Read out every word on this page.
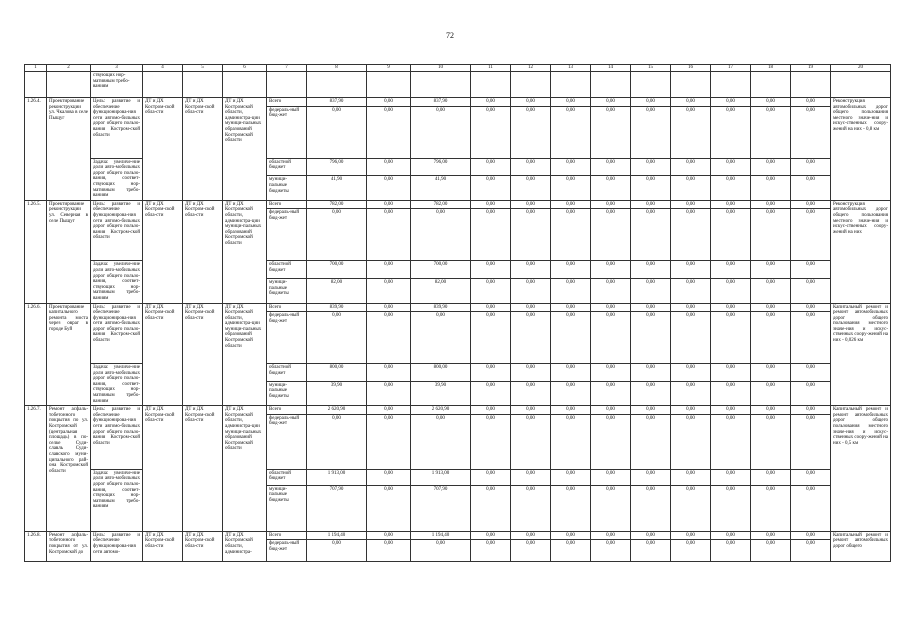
72
1	2	3	4	5	6	7	8	9	10	11	12	13	14	15	16	17	18	19	20
		ствующих нор-мативным требо-ваниям																	
1.26.4.	Проектирование реконструкции ул. Чкалова в селе Пыщуг	Цель: развитие и обеспечение функционирова-ния сети автомо-бильных дорог общего пользо-вания Костром-ской области	ДТ и ДХ Костром-ской обла-сти	ДТ и ДХ Костром-ской обла-сти	ДТ и ДХ Костромской области, администра-ции муници-пальных образований Костромской области	Всего	837,90	0,00	837,90	0,00	0,00	0,00	0,00	0,00	0,00	0,00	0,00	0,00	Реконструкция автомобильных дорог общего пользования местного значе-ния и искус-ственных соору-жений на них - 0,8 км
						федераль-ный бюд-жет	0,00	0,00	0,00	0,00	0,00	0,00	0,00	0,00	0,00	0,00	0,00	0,00	
		Задача: увеличе-ние доли авто-мобильных дорог общего пользо-вания, соответ-ствующих нор-мативным требо-ваниям				областной бюджет	796,00	0,00	796,00	0,00	0,00	0,00	0,00	0,00	0,00	0,00	0,00	0,00	
						муници-пальные бюджеты	41,90	0,00	41,90	0,00	0,00	0,00	0,00	0,00	0,00	0,00	0,00	0,00	
1.26.5.	Проектирование реконструкции ул. Северная в селе Пыщуг	Цель: развитие и обеспечение функционирова-ния сети автомо-бильных дорог общего пользо-вания Костром-ской области	ДТ и ДХ Костром-ской обла-сти	ДТ и ДХ Костром-ской обла-сти	ДТ и ДХ Костромской области, администра-ции муници-пальных образований Костромской области	Всего	782,00	0,00	782,00	0,00	0,00	0,00	0,00	0,00	0,00	0,00	0,00	0,00	Реконструкция автомобильных дорог общего пользования местного значе-ния и искус-ственных соору-жений на них
						федераль-ный бюд-жет	0,00	0,00	0,00	0,00	0,00	0,00	0,00	0,00	0,00	0,00	0,00	0,00	
		Задача: увеличе-ние доли авто-мобильных дорог общего пользо-вания, соответ-ствующих нор-мативным требо-ваниям				областной бюджет	700,00	0,00	700,00	0,00	0,00	0,00	0,00	0,00	0,00	0,00	0,00	0,00	
						муници-пальные бюджеты	82,00	0,00	82,00	0,00	0,00	0,00	0,00	0,00	0,00	0,00	0,00	0,00	
1.26.6.	Проектирование капитального ремонта моста через овраг в городе Буй	Цель: развитие и обеспечение функционирова-ния сети автомо-бильных дорог общего пользо-вания Костром-ской области	ДТ и ДХ Костром-ской обла-сти	ДТ и ДХ Костром-ской обла-сти	ДТ и ДХ Костромской области, администра-ции муници-пальных образований Костромской области	Всего	839,90	0,00	839,90	0,00	0,00	0,00	0,00	0,00	0,00	0,00	0,00	0,00	Капитальный ремонт и ремонт автомобильных дорог общего пользования местного значе-ния и искус-ственных соору-жений на них - 0,026 км
						федераль-ный бюд-жет	0,00	0,00	0,00	0,00	0,00	0,00	0,00	0,00	0,00	0,00	0,00	0,00	
		Задача: увеличе-ние доли авто-мобильных дорог общего пользо-вания, соответ-ствующих нор-мативным требо-ваниям				областной бюджет	800,00	0,00	800,00	0,00	0,00	0,00	0,00	0,00	0,00	0,00	0,00	0,00	
						муници-пальные бюджеты	39,90	0,00	39,90	0,00	0,00	0,00	0,00	0,00	0,00	0,00	0,00	0,00	
1.26.7.	Ремонт асфаль-тобетонного покрытия по ул. Костромской (центральная площадь) в по-селке Суди-славль Суди-славского муни-ципального рай-она Костромской области	Цель: развитие и обеспечение функционирова-ния сети автомо-бильных дорог общего пользо-вания Костром-ской области	ДТ и ДХ Костром-ской обла-сти	ДТ и ДХ Костром-ской обла-сти	ДТ и ДХ Костромской области, администра-ции муници-пальных образований Костромской области	Всего	2 620,90	0,00	2 620,90	0,00	0,00	0,00	0,00	0,00	0,00	0,00	0,00	0,00	Капитальный ремонт и ремонт автомобильных дорог общего пользования местного значе-ния и искус-ственных соору-жений на них - 0,5 км
						федераль-ный бюд-жет	0,00	0,00	0,00	0,00	0,00	0,00	0,00	0,00	0,00	0,00	0,00	0,00	
		Задача: увеличе-ние доли авто-мобильных дорог общего пользо-вания, соответ-ствующих нор-мативным требо-ваниям				областной бюджет	1 913,00	0,00	1 913,00	0,00	0,00	0,00	0,00	0,00	0,00	0,00	0,00	0,00	
						муници-пальные бюджеты	707,90	0,00	707,90	0,00	0,00	0,00	0,00	0,00	0,00	0,00	0,00	0,00	
1.26.8.	Ремонт асфаль-тобетонного покрытия от ул. Костромской до	Цель: развитие и обеспечение функционирова-ния сети автомо-	ДТ и ДХ Костром-ской обла-сти	ДТ и ДХ Костром-ской обла-сти	ДТ и ДХ Костромской области, администра-	Всего	1 194,40	0,00	1 194,40	0,00	0,00	0,00	0,00	0,00	0,00	0,00	0,00	0,00	Капитальный ремонт и ремонт автомобильных дорог общего
						федераль-ный бюд-жет	0,00	0,00	0,00	0,00	0,00	0,00	0,00	0,00	0,00	0,00	0,00	0,00	
